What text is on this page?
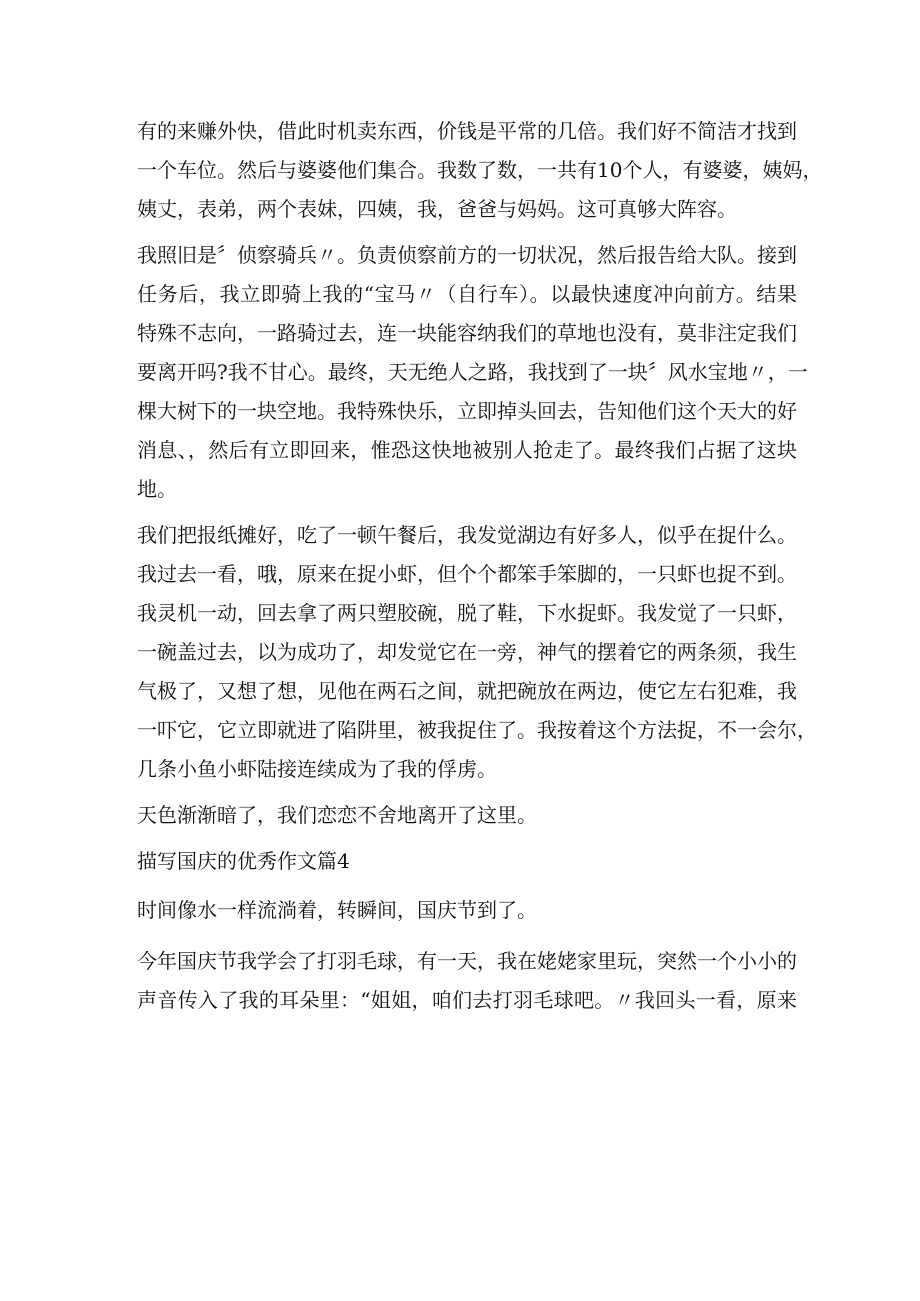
有的来赚外快，借此时机卖东西，价钱是平常的几倍。我们好不简洁才找到
一个车位。然后与婆婆他们集合。我数了数，一共有10个人，有婆婆，姨妈，
姨丈，表弟，两个表妹，四姨，我，爸爸与妈妈。这可真够大阵容。
我照旧是〞侦察骑兵〃。负责侦察前方的一切状况，然后报告给大队。接到
任务后，我立即骑上我的“宝马〃（自行车）。以最快速度冲向前方。结果
特殊不志向，一路骑过去，连一块能容纳我们的草地也没有，莫非注定我们
要离开吗?我不甘心。最终，天无绝人之路，我找到了一块〞风水宝地〃，一
棵大树下的一块空地。我特殊快乐，立即掉头回去，告知他们这个天大的好
消息、，然后有立即回来，惟恐这快地被别人抢走了。最终我们占据了这块
地。
我们把报纸摊好，吃了一顿午餐后，我发觉湖边有好多人，似乎在捉什么。
我过去一看，哦，原来在捉小虾，但个个都笨手笨脚的，一只虾也捉不到。
我灵机一动，回去拿了两只塑胶碗，脱了鞋，下水捉虾。我发觉了一只虾，
一碗盖过去，以为成功了，却发觉它在一旁，神气的摆着它的两条须，我生
气极了，又想了想，见他在两石之间，就把碗放在两边，使它左右犯难，我
一吓它，它立即就进了陷阱里，被我捉住了。我按着这个方法捉，不一会尔，
几条小鱼小虾陆接连续成为了我的俘虏。
天色渐渐暗了，我们恋恋不舍地离开了这里。
描写国庆的优秀作文篇4
时间像水一样流淌着，转瞬间，国庆节到了。
今年国庆节我学会了打羽毛球，有一天，我在姥姥家里玩，突然一个小小的
声音传入了我的耳朵里：“姐姐，咱们去打羽毛球吧。〃我回头一看，原来
